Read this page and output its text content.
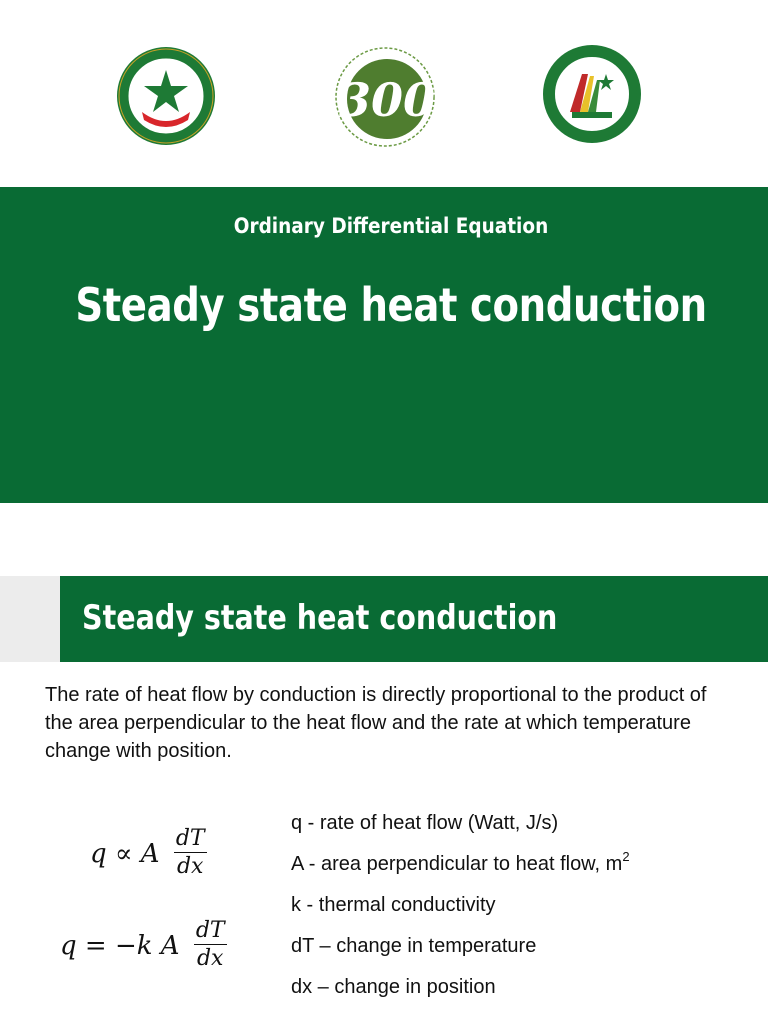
300
Ordinary Differential Equation
Steady state heat conduction
Steady state heat conduction
The rate of heat flow by conduction is directly proportional to the product of the area perpendicular to the heat flow and the rate at which temperature change with position.
q ∝ A $\frac{dT}{dx}$
q = −k A $\frac{dT}{dx}$
q - rate of heat flow (Watt, J/s)
A - area perpendicular to heat flow, $m^2$
k - thermal conductivity
dT – change in temperature
dx – change in position
